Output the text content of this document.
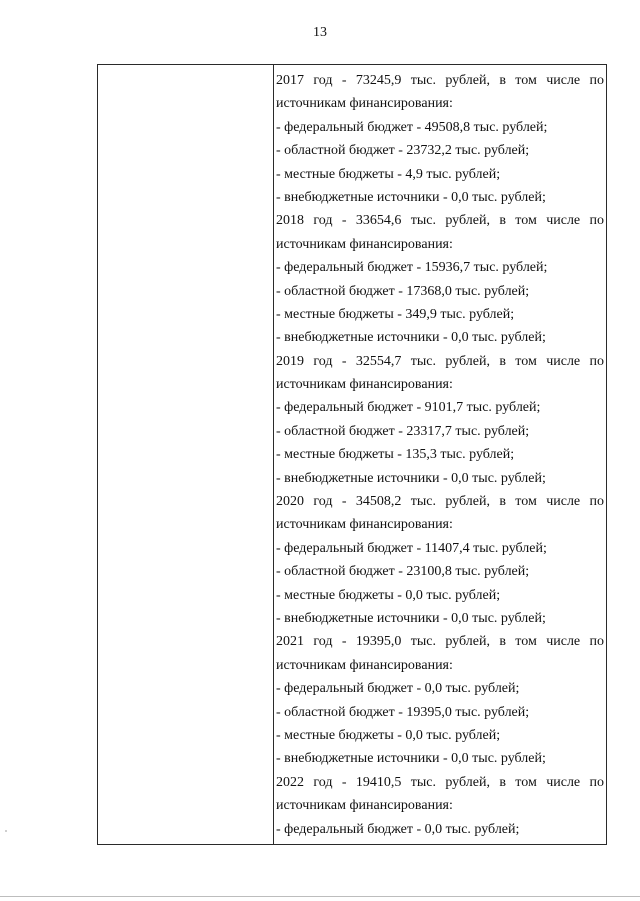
13
2017 год - 73245,9 тыс. рублей, в том числе по
источникам финансирования:
- федеральный бюджет - 49508,8 тыс. рублей;
- областной бюджет - 23732,2 тыс. рублей;
- местные бюджеты - 4,9 тыс. рублей;
- внебюджетные источники - 0,0 тыс. рублей;
2018 год - 33654,6 тыс. рублей, в том числе по
источникам финансирования:
- федеральный бюджет - 15936,7 тыс. рублей;
- областной бюджет - 17368,0 тыс. рублей;
- местные бюджеты - 349,9 тыс. рублей;
- внебюджетные источники - 0,0 тыс. рублей;
2019 год - 32554,7 тыс. рублей, в том числе по
источникам финансирования:
- федеральный бюджет - 9101,7 тыс. рублей;
- областной бюджет - 23317,7 тыс. рублей;
- местные бюджеты - 135,3 тыс. рублей;
- внебюджетные источники - 0,0 тыс. рублей;
2020 год - 34508,2 тыс. рублей, в том числе по
источникам финансирования:
- федеральный бюджет - 11407,4 тыс. рублей;
- областной бюджет - 23100,8 тыс. рублей;
- местные бюджеты - 0,0 тыс. рублей;
- внебюджетные источники - 0,0 тыс. рублей;
2021 год - 19395,0 тыс. рублей, в том числе по
источникам финансирования:
- федеральный бюджет - 0,0 тыс. рублей;
- областной бюджет - 19395,0 тыс. рублей;
- местные бюджеты - 0,0 тыс. рублей;
- внебюджетные источники - 0,0 тыс. рублей;
2022 год - 19410,5 тыс. рублей, в том числе по
источникам финансирования:
- федеральный бюджет - 0,0 тыс. рублей;
